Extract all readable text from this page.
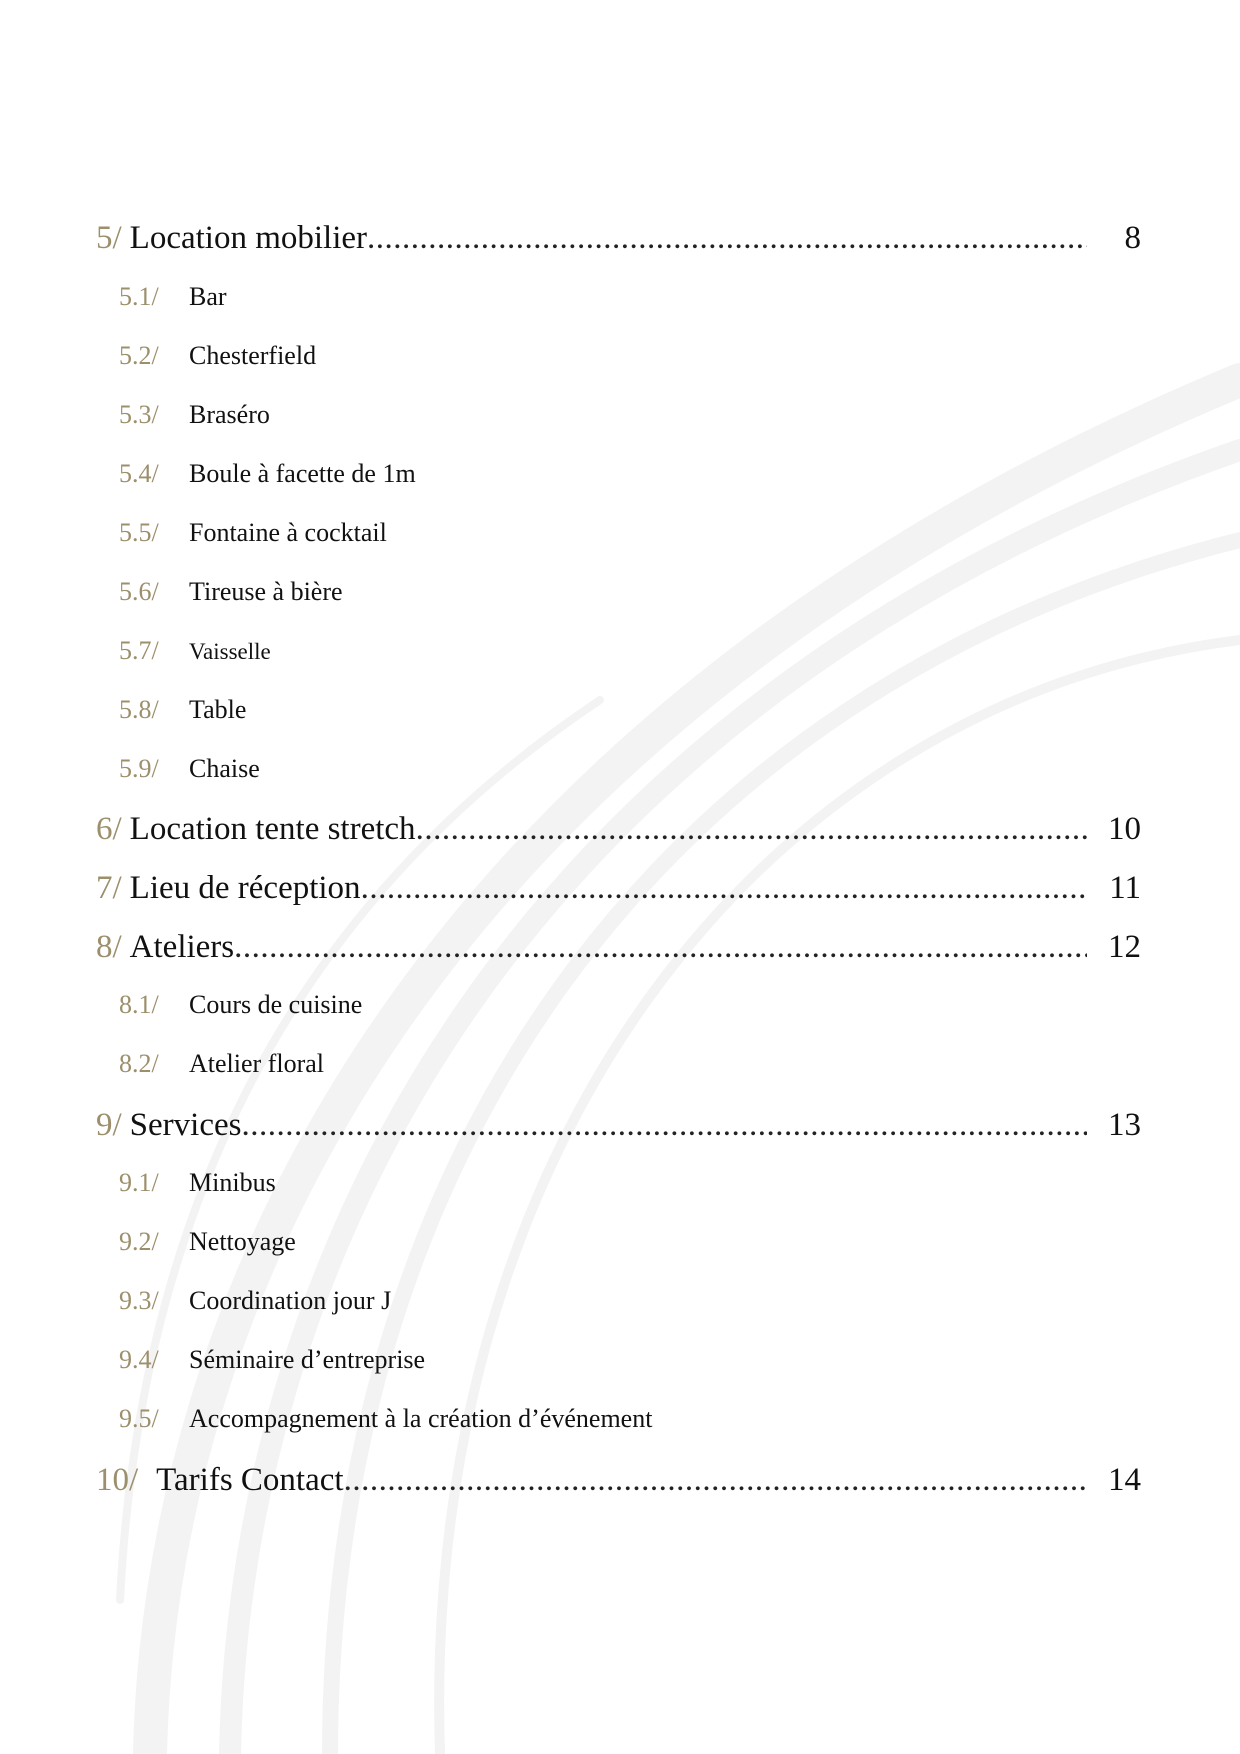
5/ Location mobilier .....	8
5.1/	Bar
5.2/	Chesterfield
5.3/	Braséro
5.4/	Boule à facette de 1m
5.5/	Fontaine à cocktail
5.6/	Tireuse à bière
5.7/	Vaisselle
5.8/	Table
5.9/	Chaise
6/ Location tente stretch .....	10
7/ Lieu de réception .....	11
8/ Ateliers .....	12
8.1/	Cours de cuisine
8.2/	Atelier floral
9/ Services .....	13
9.1/	Minibus
9.2/	Nettoyage
9.3/	Coordination jour J
9.4/	Séminaire d’entreprise
9.5/	Accompagnement à la création d’événement
10/ Tarifs Contact .....	14
